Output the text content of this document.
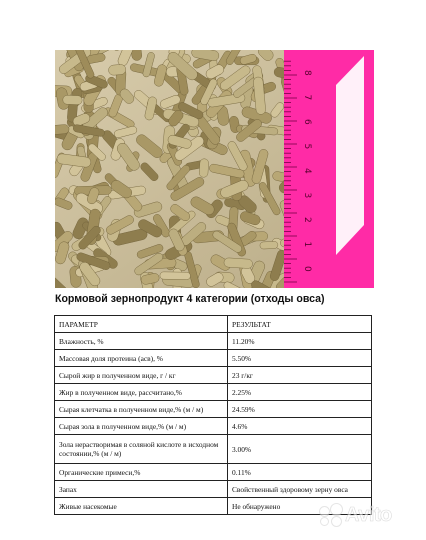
8
7
6
5
4
3
2
1
0
Кормовой зернопродукт 4 категории (отходы овса)
ПАРАМЕТР	РЕЗУЛЬТАТ
Влажность, %	11.20%
Массовая доля протеина (асв), %	5.50%
Сырой жир в полученном виде, г / кг	23 г/кг
Жир в полученном виде, рассчитано,%	2.25%
Сырая клетчатка в полученном виде,% (м / м)	24.59%
Сырая зола в полученном виде,% (м / м)	4.6%
Зола нерастворимая в соляной кислоте в исходном состоянии,% (м / м)	3.00%
Органические примеси,%	0.11%
Запах	Свойственный здоровому зерну овса
Живые насекомые	Не обнаружено	Avito
